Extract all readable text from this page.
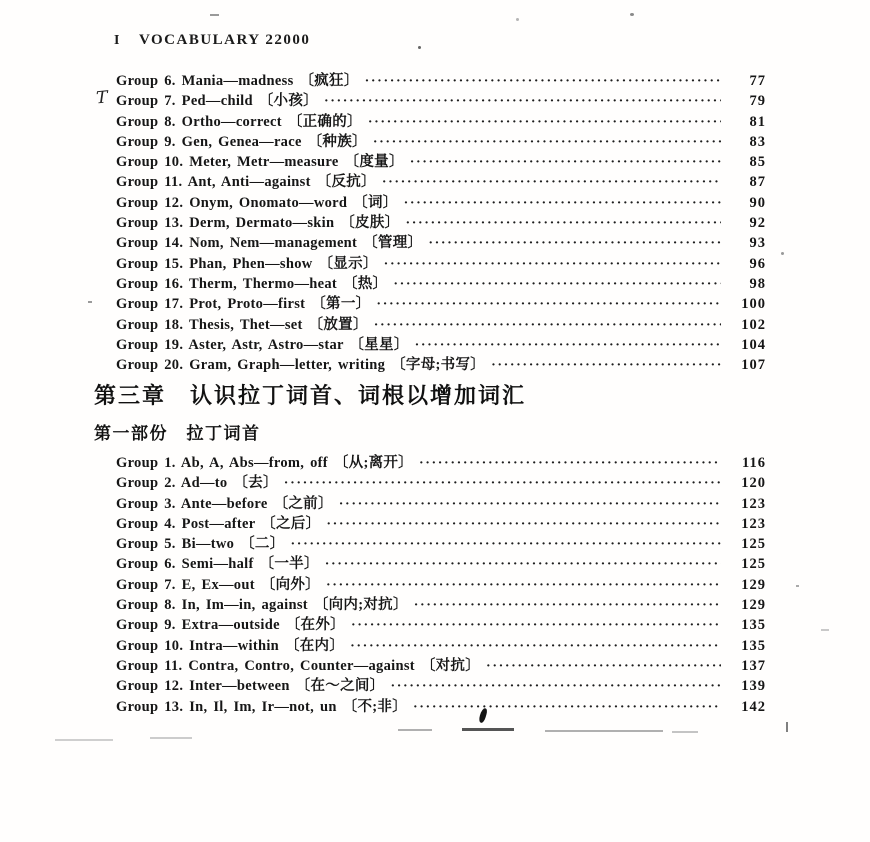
I VOCABULARY 22000
T
Group 6. Mania—madness 〔疯狂〕 ·····	77
Group 7. Ped—child 〔小孩〕 ·····	79
Group 8. Ortho—correct 〔正确的〕 ·····	81
Group 9. Gen, Genea—race 〔种族〕 ·····	83
Group 10. Meter, Metr—measure 〔度量〕 ·····	85
Group 11. Ant, Anti—against 〔反抗〕 ·····	87
Group 12. Onym, Onomato—word 〔词〕 ·····	90
Group 13. Derm, Dermato—skin 〔皮肤〕 ·····	92
Group 14. Nom, Nem—management 〔管理〕 ·····	93
Group 15. Phan, Phen—show 〔显示〕 ·····	96
Group 16. Therm, Thermo—heat 〔热〕 ·····	98
Group 17. Prot, Proto—first 〔第一〕 ·····	100
Group 18. Thesis, Thet—set 〔放置〕 ·····	102
Group 19. Aster, Astr, Astro—star 〔星星〕 ·····	104
Group 20. Gram, Graph—letter, writing 〔字母;书写〕 ·····	107
第三章　认识拉丁词首、词根以增加词汇
第一部份　拉丁词首
Group 1. Ab, A, Abs—from, off 〔从;离开〕 ·····	116
Group 2. Ad—to 〔去〕 ·····	120
Group 3. Ante—before 〔之前〕 ·····	123
Group 4. Post—after 〔之后〕 ·····	123
Group 5. Bi—two 〔二〕 ·····	125
Group 6. Semi—half 〔一半〕 ·····	125
Group 7. E, Ex—out 〔向外〕 ·····	129
Group 8. In, Im—in, against 〔向内;对抗〕 ·····	129
Group 9. Extra—outside 〔在外〕 ·····	135
Group 10. Intra—within 〔在内〕 ·····	135
Group 11. Contra, Contro, Counter—against 〔对抗〕 ·····	137
Group 12. Inter—between 〔在～之间〕 ·····	139
Group 13. In, Il, Im, Ir—not, un 〔不;非〕 ·····	142
